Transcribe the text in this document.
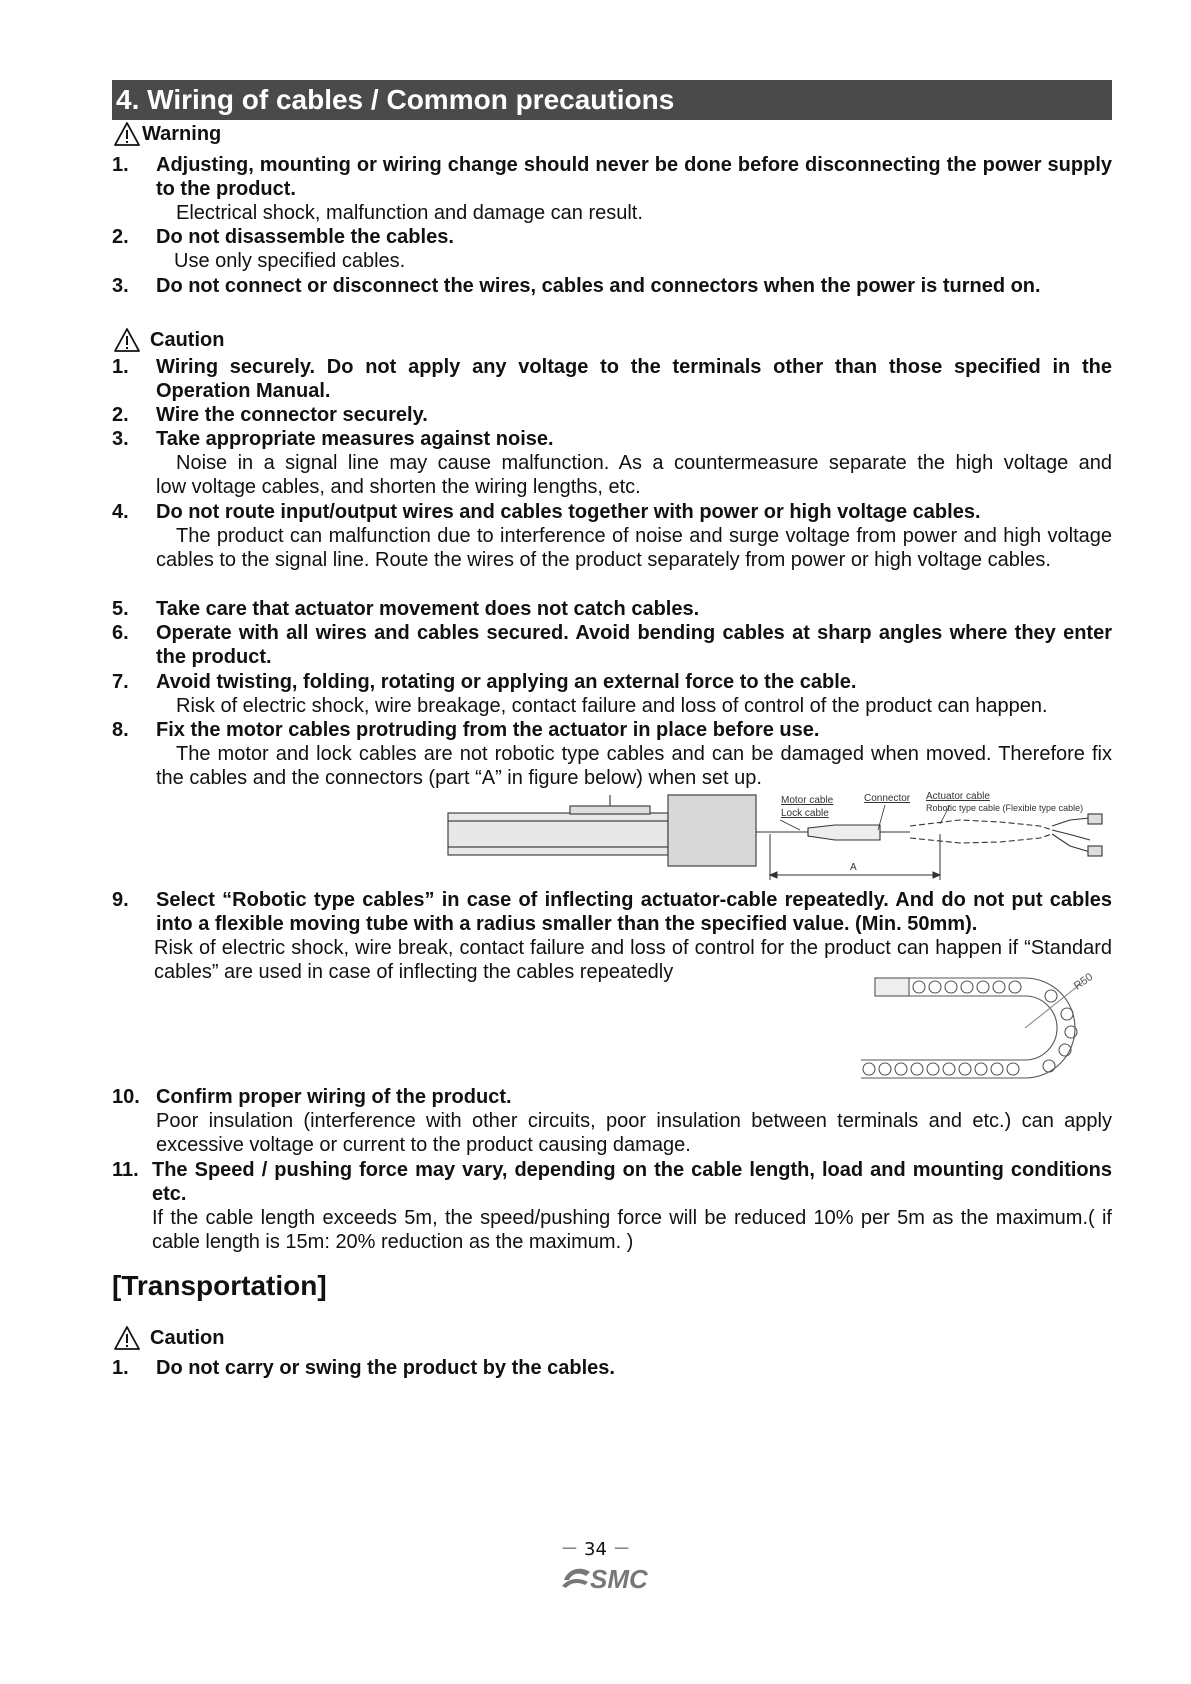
4. Wiring of cables / Common precautions
Warning
1. Adjusting, mounting or wiring change should never be done before disconnecting the power supply to the product.
Electrical shock, malfunction and damage can result.
2. Do not disassemble the cables.
Use only specified cables.
3. Do not connect or disconnect the wires, cables and connectors when the power is turned on.
Caution
1. Wiring securely. Do not apply any voltage to the terminals other than those specified in the Operation Manual.
2. Wire the connector securely.
3. Take appropriate measures against noise.
Noise in a signal line may cause malfunction. As a countermeasure separate the high voltage and
low voltage cables, and shorten the wiring lengths, etc.
4. Do not route input/output wires and cables together with power or high voltage cables.
The product can malfunction due to interference of noise and surge voltage from power and high voltage cables to the signal line. Route the wires of the product separately from power or high voltage cables.
5. Take care that actuator movement does not catch cables.
6. Operate with all wires and cables secured. Avoid bending cables at sharp angles where they enter the product.
7. Avoid twisting, folding, rotating or applying an external force to the cable.
Risk of electric shock, wire breakage, contact failure and loss of control of the product can happen.
8. Fix the motor cables protruding from the actuator in place before use.
The motor and lock cables are not robotic type cables and can be damaged when moved. Therefore fix the cables and the connectors (part “A” in figure below) when set up.
Motor cable
Lock cable
Connector Actuator cable
Robotic type cable (Flexible type cable)
A
9. Select “Robotic type cables” in case of inflecting actuator-cable repeatedly. And do not put cables into a flexible moving tube with a radius smaller than the specified value. (Min. 50mm).
Risk of electric shock, wire break, contact failure and loss of control for the product can happen if “Standard cables” are used in case of inflecting the cables repeatedly	R50
10. Confirm proper wiring of the product.
Poor insulation (interference with other circuits, poor insulation between terminals and etc.) can apply excessive voltage or current to the product causing damage.
11. The Speed / pushing force may vary, depending on the cable length, load and mounting conditions etc.
If the cable length exceeds 5m, the speed/pushing force will be reduced 10% per 5m as the maximum.( if cable length is 15m: 20% reduction as the maximum. )
[Transportation]
Caution
1. Do not carry or swing the product by the cables.
－ 34 －
SMC
